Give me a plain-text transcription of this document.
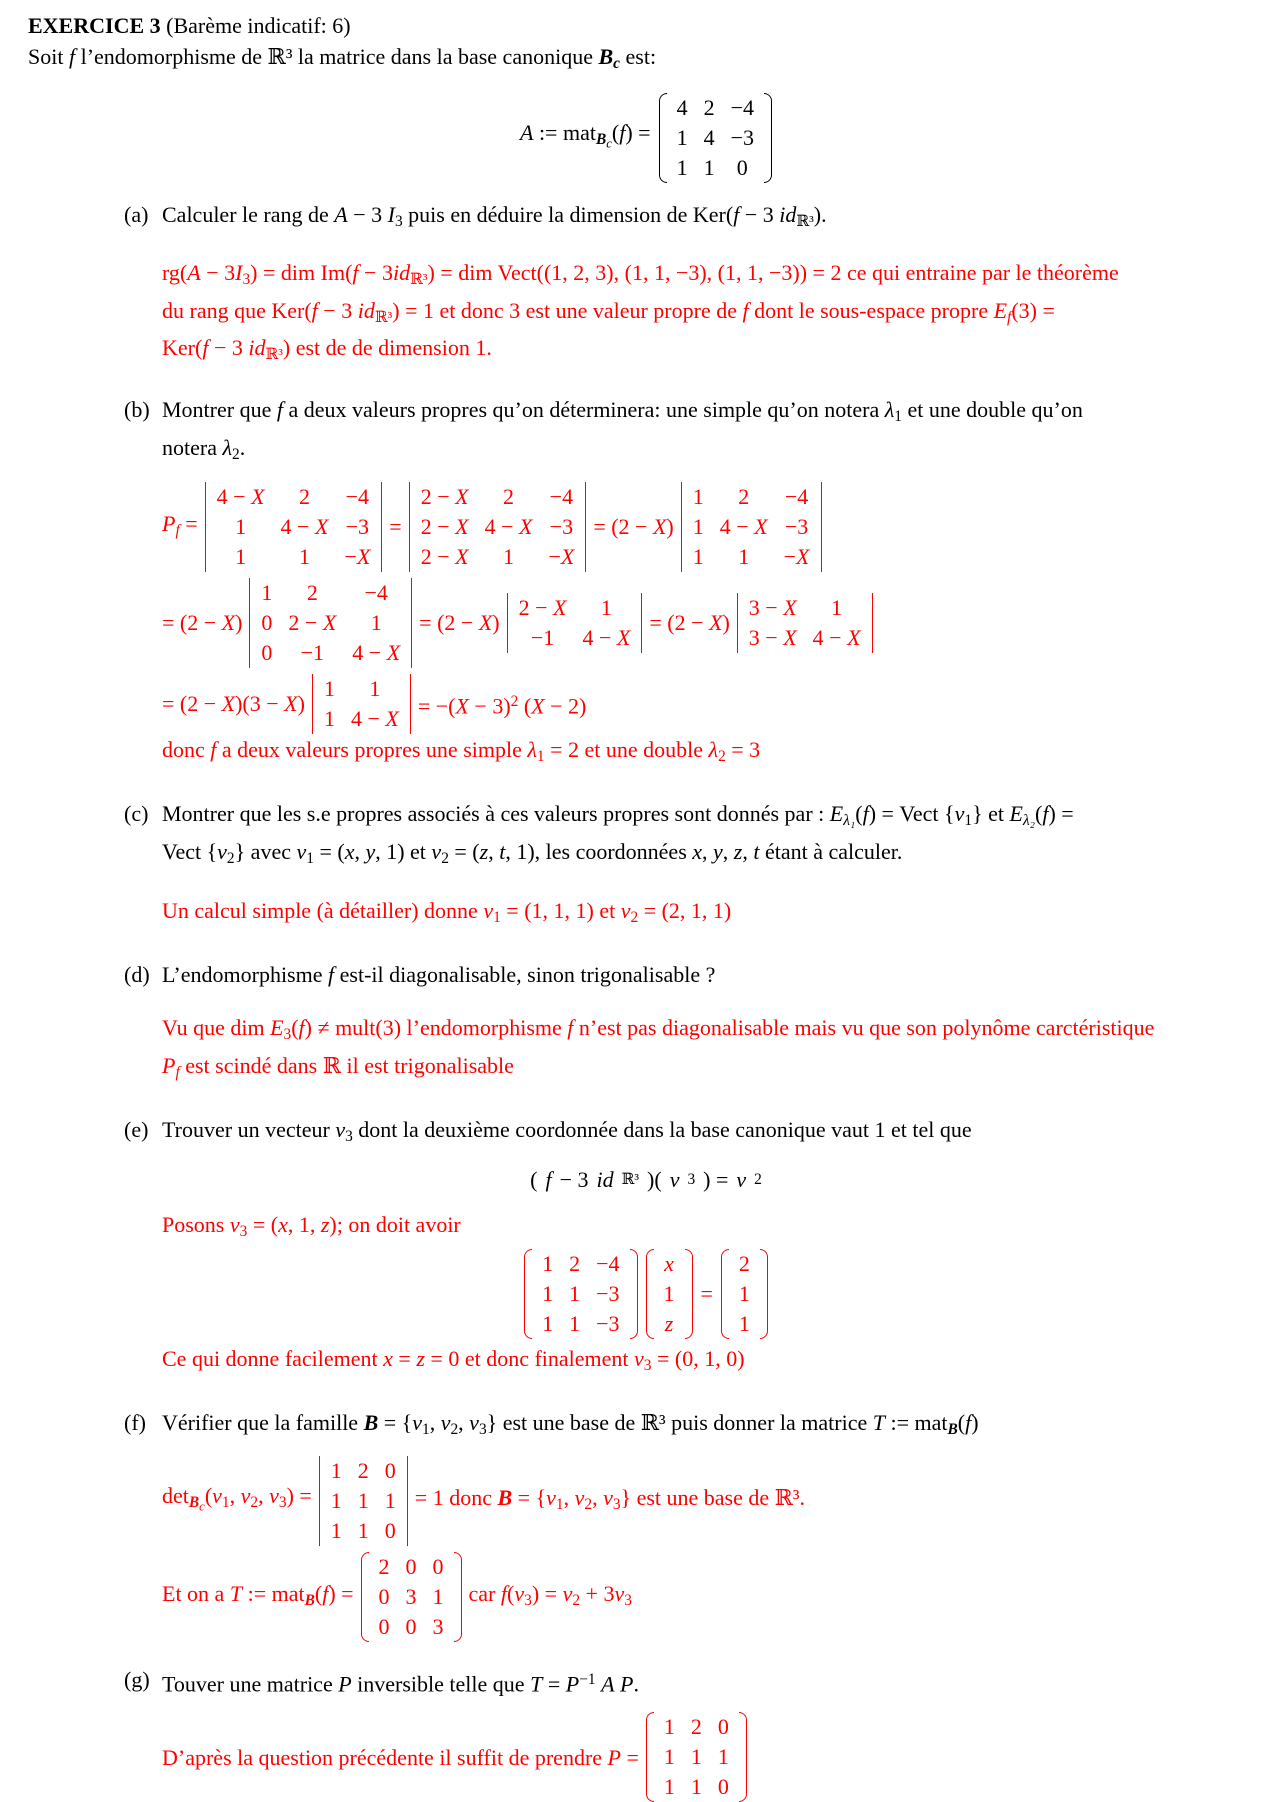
EXERCICE 3 (Barème indicatif: 6)
Soit f l’endomorphisme de ℝ³ la matrice dans la base canonique Bc est:
A := matB$_c$(f) =
4	2	−4
1	4	−3
1	1	0
(a) Calculer le rang de A − 3 I3 puis en déduire la dimension de Ker(f − 3 idℝ³).
rg(A − 3I3) = dim Im(f − 3idℝ³) = dim Vect((1, 2, 3), (1, 1, −3), (1, 1, −3)) = 2 ce qui entraine par le théorème
du rang que Ker(f − 3 idℝ³) = 1 et donc 3 est une valeur propre de f dont le sous-espace propre Ef(3) =
Ker(f − 3 idℝ³) est de de dimension 1.
(b) Montrer que f a deux valeurs propres qu’on déterminera: une simple qu’on notera λ1 et une double qu’on
notera λ2.
Pf =
4 − X	2	−4
1	4 − X	−3
1	1	−X
=
2 − X	2	−4
2 − X	4 − X	−3
2 − X	1	−X
= (2 − X)
1	2	−4
1	4 − X	−3
1	1	−X
= (2 − X)
1	2	−4
0	2 − X	1
0	−1	4 − X
= (2 − X)
2 − X	1
−1	4 − X
= (2 − X)
3 − X	1
3 − X	4 − X
= (2 − X)(3 − X)
1	1
1	$4 - X = -(X - 3)^2$ (X − 2)
donc f a deux valeurs propres une simple λ1 = 2 et une double λ2 = 3
(c) Montrer que les s.e propres associés à ces valeurs propres sont donnés par : Eλ₁(f) = Vect {v1} et Eλ₂(f) =
Vect {v2} avec v1 = (x, y, 1) et v2 = (z, t, 1), les coordonnées x, y, z, t étant à calculer.
Un calcul simple (à détailler) donne v1 = (1, 1, 1) et v2 = (2, 1, 1)
(d) L’endomorphisme f est-il diagonalisable, sinon trigonalisable ?
Vu que dim E3(f) ≠ mult(3) l’endomorphisme f n’est pas diagonalisable mais vu que son polynôme carctéristique
Pf est scindé dans ℝ il est trigonalisable
(e) Trouver un vecteur v3 dont la deuxième coordonnée dans la base canonique vaut 1 et tel que
( f − 3 id ℝ³ )( v 3 ) = v 2
Posons v3 = (x, 1, z); on doit avoir
1	2	−4
1	1	−3
1	1	−3
x
1
z
=
2
1
1
Ce qui donne facilement x = z = 0 et donc finalement v3 = (0, 1, 0)
(f) Vérifier que la famille B = {v1, v2, v3} est une base de ℝ³ puis donner la matrice T := matB(f)
detB$_c$(v1, v2, v3) =
1	2	0
1	1	1
1	1	0
= 1 donc B = {v1, v2, v3} est une base de ℝ³.
Et on a T := matB(f) =
2	0	0
0	3	1
0	0	3
car f(v3) = v2 + 3v3
(g) Touver une matrice P inversible telle que $T = P^{-1}$ A P.
D’après la question précédente il suffit de prendre P =
1	2	0
1	1	1
1	1	0
